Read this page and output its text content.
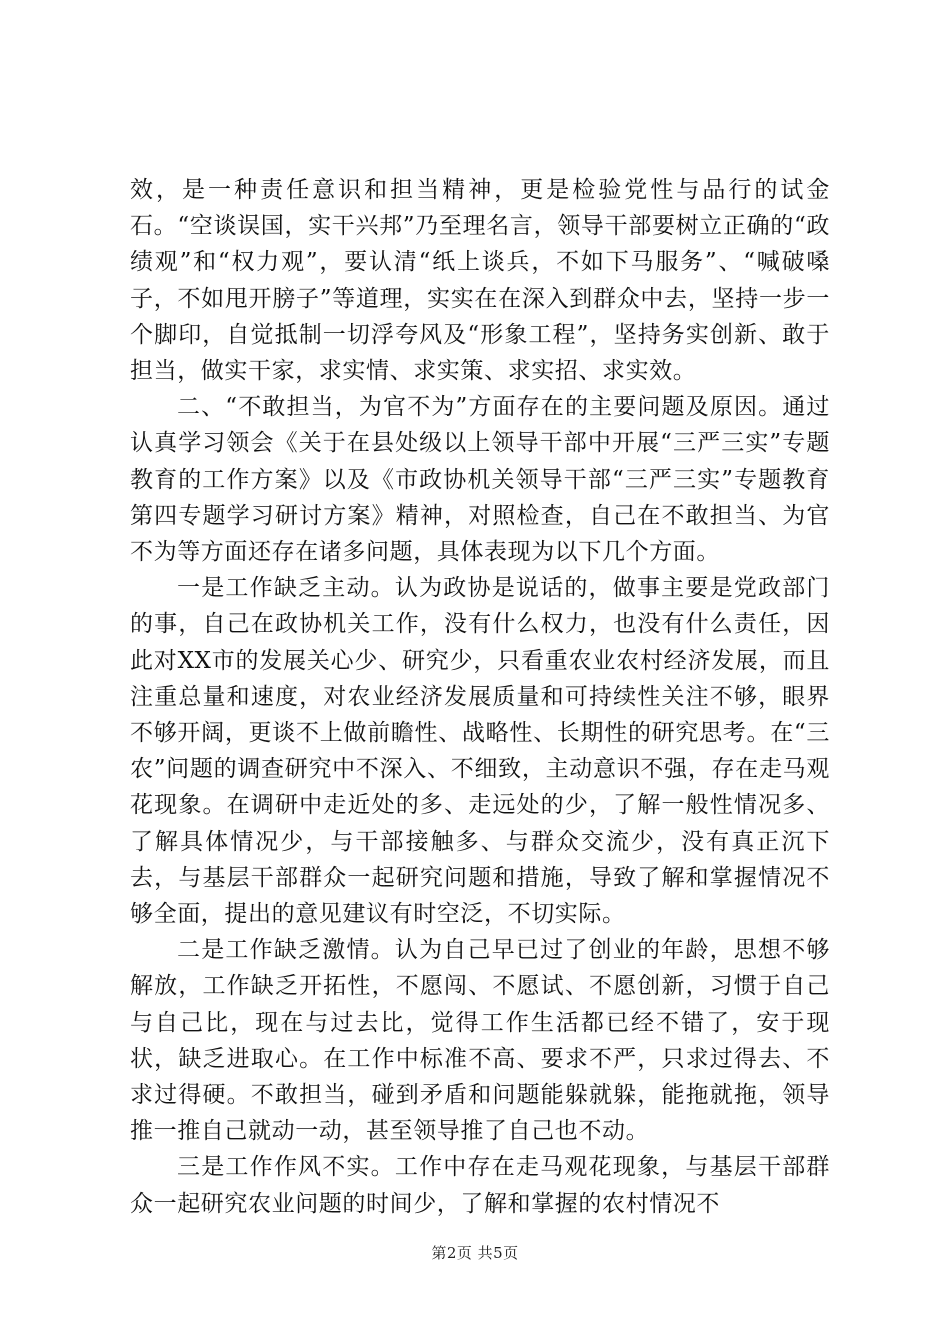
效，是一种责任意识和担当精神，更是检验党性与品行的试金石。“空谈误国，实干兴邦”乃至理名言，领导干部要树立正确的“政绩观”和“权力观”，要认清“纸上谈兵，不如下马服务”、“喊破嗓子，不如甩开膀子”等道理，实实在在深入到群众中去，坚持一步一个脚印，自觉抵制一切浮夸风及“形象工程”，坚持务实创新、敢于担当，做实干家，求实情、求实策、求实招、求实效。

二、“不敢担当，为官不为”方面存在的主要问题及原因。通过认真学习领会《关于在县处级以上领导干部中开展“三严三实”专题教育的工作方案》以及《市政协机关领导干部“三严三实”专题教育第四专题学习研讨方案》精神，对照检查，自己在不敢担当、为官不为等方面还存在诸多问题，具体表现为以下几个方面。

一是工作缺乏主动。认为政协是说话的，做事主要是党政部门的事，自己在政协机关工作，没有什么权力，也没有什么责任，因此对XX市的发展关心少、研究少，只看重农业农村经济发展，而且注重总量和速度，对农业经济发展质量和可持续性关注不够，眼界不够开阔，更谈不上做前瞻性、战略性、长期性的研究思考。在“三农”问题的调查研究中不深入、不细致，主动意识不强，存在走马观花现象。在调研中走近处的多、走远处的少，了解一般性情况多、了解具体情况少，与干部接触多、与群众交流少，没有真正沉下去，与基层干部群众一起研究问题和措施，导致了解和掌握情况不够全面，提出的意见建议有时空泛，不切实际。

二是工作缺乏激情。认为自己早已过了创业的年龄，思想不够解放，工作缺乏开拓性，不愿闯、不愿试、不愿创新，习惯于自己与自己比，现在与过去比，觉得工作生活都已经不错了，安于现状，缺乏进取心。在工作中标准不高、要求不严，只求过得去、不求过得硬。不敢担当，碰到矛盾和问题能躲就躲，能拖就拖，领导推一推自己就动一动，甚至领导推了自己也不动。

三是工作作风不实。工作中存在走马观花现象，与基层干部群众一起研究农业问题的时间少，了解和掌握的农村情况不

第2页 共5页
